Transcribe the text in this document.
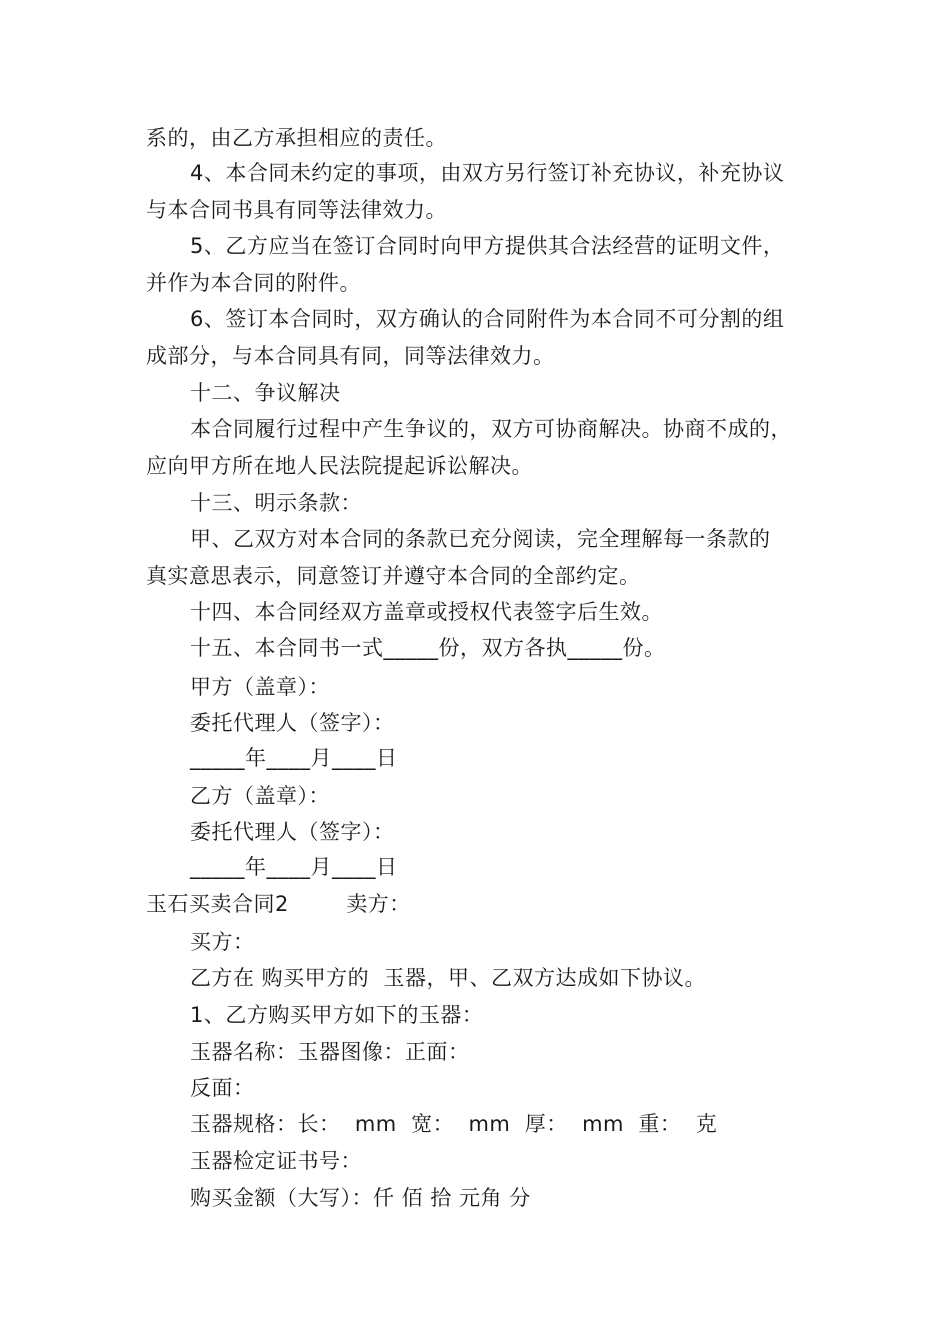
系的，由乙方承担相应的责任。
4、本合同未约定的事项，由双方另行签订补充协议，补充协议
与本合同书具有同等法律效力。
5、乙方应当在签订合同时向甲方提供其合法经营的证明文件，
并作为本合同的附件。
6、签订本合同时，双方确认的合同附件为本合同不可分割的组
成部分，与本合同具有同，同等法律效力。
十二、争议解决
本合同履行过程中产生争议的，双方可协商解决。协商不成的，
应向甲方所在地人民法院提起诉讼解决。
十三、明示条款：
甲、乙双方对本合同的条款已充分阅读，完全理解每一条款的
真实意思表示，同意签订并遵守本合同的全部约定。
十四、本合同经双方盖章或授权代表签字后生效。
十五、本合同书一式_____份，双方各执_____份。
甲方（盖章）：
委托代理人（签字）：
_____年____月____日
乙方（盖章）：
委托代理人（签字）：
_____年____月____日
玉石买卖合同2        卖方：
买方：
乙方在 购买甲方的  玉器，甲、乙双方达成如下协议。
1、乙方购买甲方如下的玉器：
玉器名称：玉器图像：正面：
反面：
玉器规格：长：  mm  宽：  mm  厚：  mm  重：  克
玉器检定证书号：
购买金额（大写）：仟 佰 拾 元角 分
